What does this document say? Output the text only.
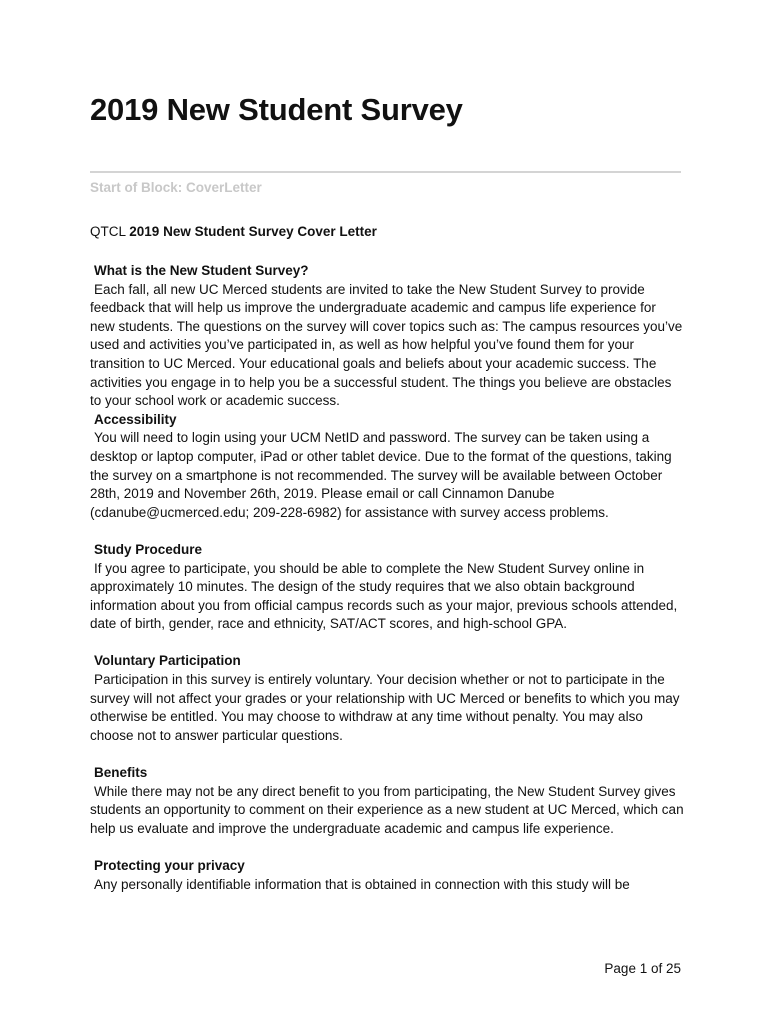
2019 New Student Survey

Start of Block: CoverLetter

QTCL 2019 New Student Survey Cover Letter

What is the New Student Survey?

Each fall, all new UC Merced students are invited to take the New Student Survey to provide feedback that will help us improve the undergraduate academic and campus life experience for new students. The questions on the survey will cover topics such as: The campus resources you’ve used and activities you’ve participated in, as well as how helpful you’ve found them for your transition to UC Merced. Your educational goals and beliefs about your academic success. The activities you engage in to help you be a successful student. The things you believe are obstacles to your school work or academic success.

Accessibility

You will need to login using your UCM NetID and password. The survey can be taken using a desktop or laptop computer, iPad or other tablet device. Due to the format of the questions, taking the survey on a smartphone is not recommended. The survey will be available between October 28th, 2019 and November 26th, 2019. Please email or call Cinnamon Danube (cdanube@ucmerced.edu; 209-228-6982) for assistance with survey access problems.

Study Procedure

If you agree to participate, you should be able to complete the New Student Survey online in approximately 10 minutes. The design of the study requires that we also obtain background information about you from official campus records such as your major, previous schools attended, date of birth, gender, race and ethnicity, SAT/ACT scores, and high-school GPA.

Voluntary Participation

Participation in this survey is entirely voluntary. Your decision whether or not to participate in the survey will not affect your grades or your relationship with UC Merced or benefits to which you may otherwise be entitled. You may choose to withdraw at any time without penalty. You may also choose not to answer particular questions.

Benefits

While there may not be any direct benefit to you from participating, the New Student Survey gives students an opportunity to comment on their experience as a new student at UC Merced, which can help us evaluate and improve the undergraduate academic and campus life experience.

Protecting your privacy

Any personally identifiable information that is obtained in connection with this study will be

Page 1 of 25
